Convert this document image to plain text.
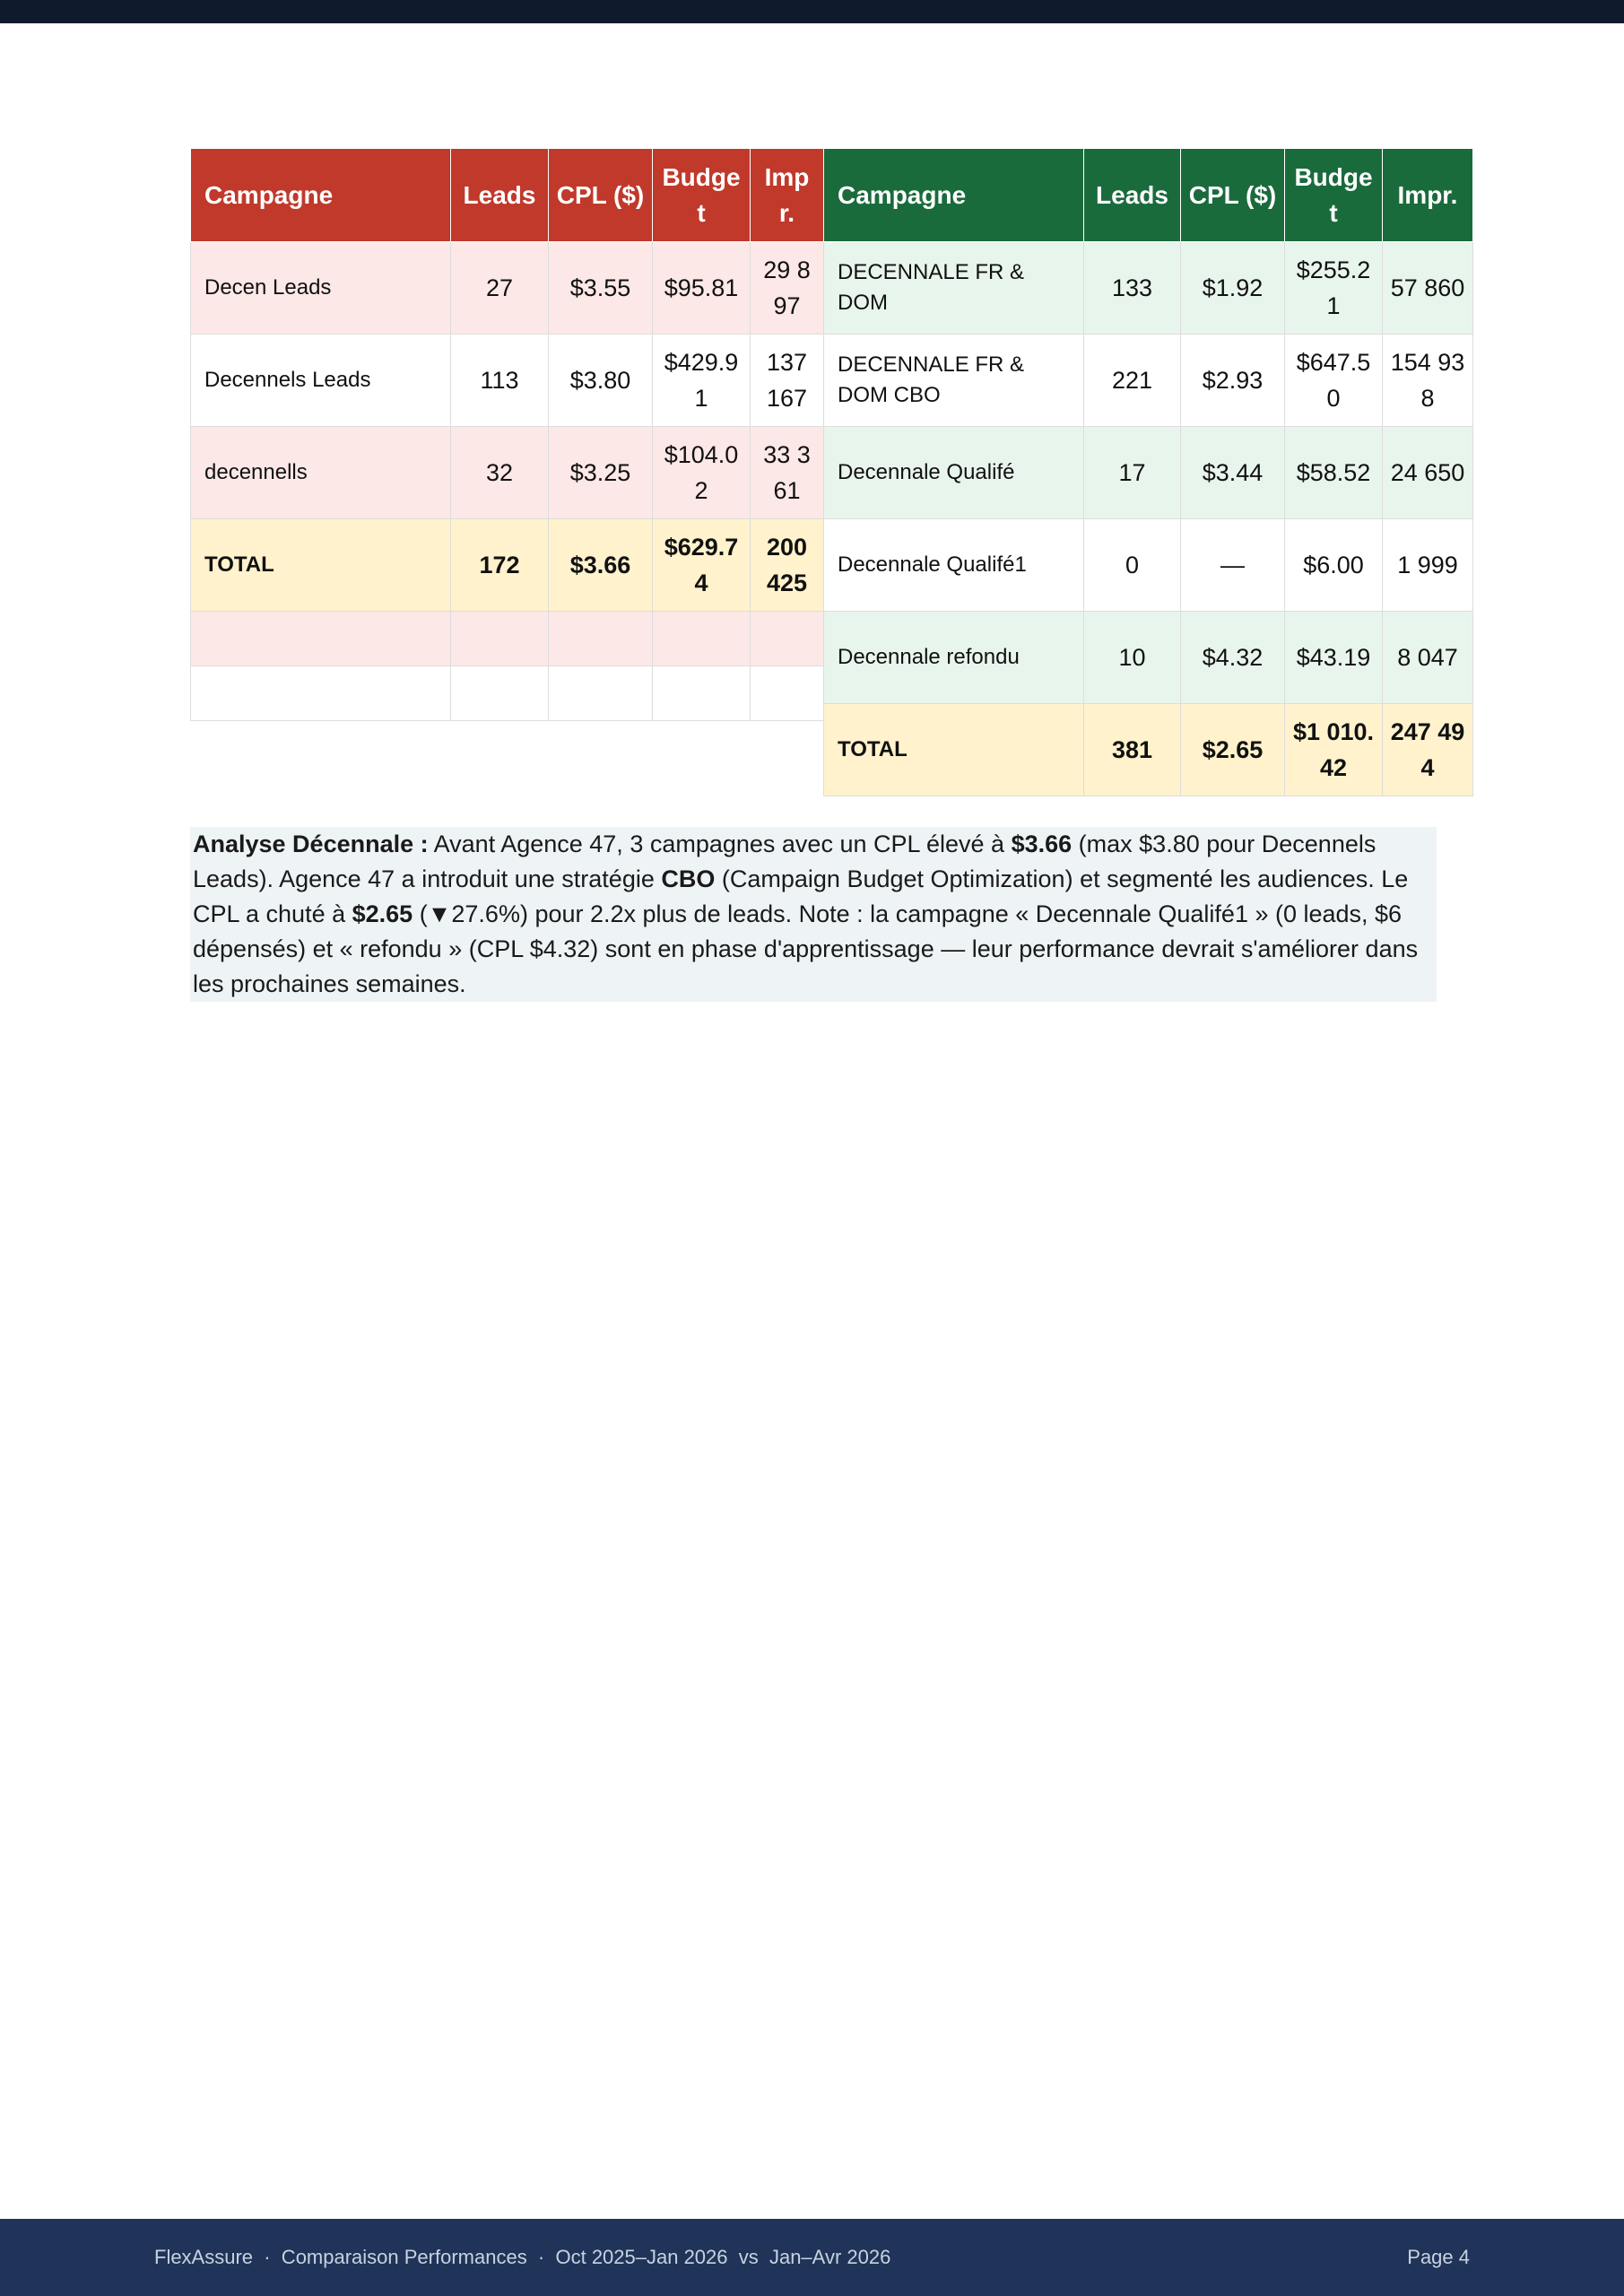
Campagne	Leads	CPL ($)	Budget	Impr.
Decen Leads	27	$3.55	$95.81	29 897
Decennels Leads	113	$3.80	$429.91	137 167
decennells	32	$3.25	$104.02	33 361
TOTAL	172	$3.66	$629.74	200 425

Campagne	Leads	CPL ($)	Budget	Impr.
DECENNALE FR & DOM	133	$1.92	$255.21	57 860
DECENNALE FR & DOM CBO	221	$2.93	$647.50	154 938
Decennale Qualifé	17	$3.44	$58.52	24 650
Decennale Qualifé1	0	—	$6.00	1 999
Decennale refondu	10	$4.32	$43.19	8 047
TOTAL	381	$2.65	$1 010.42	247 494
Analyse Décennale : Avant Agence 47, 3 campagnes avec un CPL élevé à $3.66 (max $3.80 pour Decennels Leads). Agence 47 a introduit une stratégie CBO (Campaign Budget Optimization) et segmenté les audiences. Le CPL a chuté à $2.65 (▼27.6%) pour 2.2x plus de leads. Note : la campagne « Decennale Qualifé1 » (0 leads, $6 dépensés) et « refondu » (CPL $4.32) sont en phase d'apprentissage — leur performance devrait s'améliorer dans les prochaines semaines.
FlexAssure  ·  Comparaison Performances  ·  Oct 2025–Jan 2026  vs  Jan–Avr 2026	Page 4
